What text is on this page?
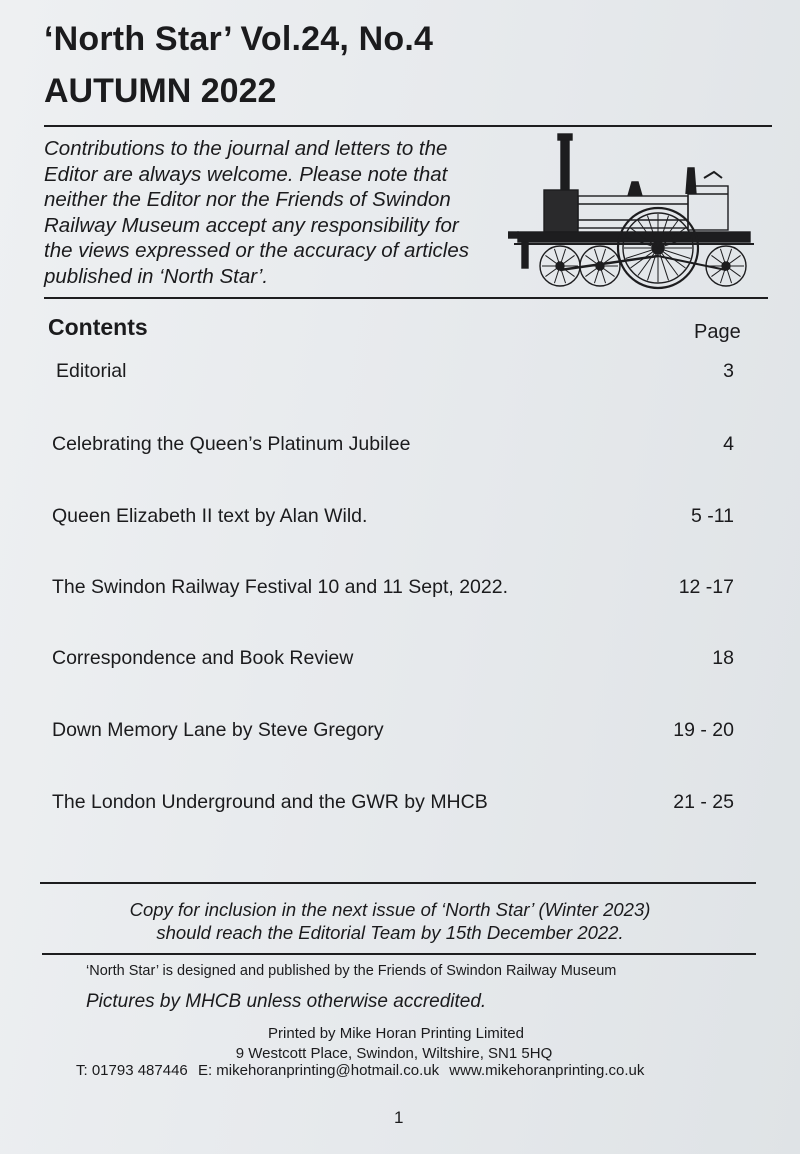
‘North Star’ Vol.24, No.4
AUTUMN 2022
Contributions to the journal and letters to the
Editor are always welcome. Please note that
neither the Editor nor the Friends of Swindon
Railway Museum accept any responsibility for
the views expressed or the accuracy of articles
published in ‘North Star’.
Contents	Page
Editorial	3
Celebrating the Queen’s Platinum Jubilee	4
Queen Elizabeth II text by Alan Wild.	5 -11
The Swindon Railway Festival 10 and 11 Sept, 2022.	12 -17
Correspondence and Book Review	18
Down Memory Lane by Steve Gregory	19 - 20
The London Underground and the GWR by MHCB	21 - 25
Copy for inclusion in the next issue of ‘North Star’ (Winter 2023)
should reach the Editorial Team by 15th December 2022.
‘North Star’ is designed and published by the Friends of Swindon Railway Museum
Pictures by MHCB unless otherwise accredited.
Printed by Mike Horan Printing Limited
9 Westcott Place, Swindon, Wiltshire, SN1 5HQ
T: 01793 487446 E: mikehoranprinting@hotmail.co.uk www.mikehoranprinting.co.uk
1
